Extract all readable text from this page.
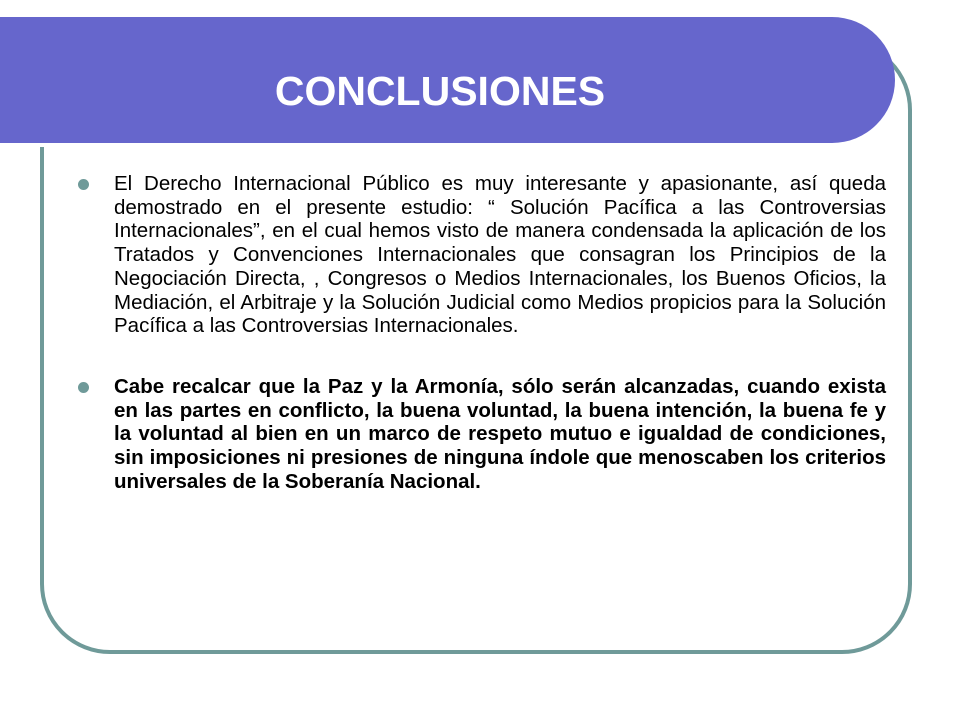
CONCLUSIONES
El Derecho Internacional Público es muy interesante y apasionante, así queda demostrado en el presente estudio: “ Solución Pacífica a las Controversias Internacionales”, en el cual hemos visto de manera condensada la aplicación de los Tratados y Convenciones Internacionales que consagran los Principios de la Negociación Directa, , Congresos o Medios Internacionales, los Buenos Oficios, la Mediación, el Arbitraje y la Solución Judicial como Medios propicios para la Solución Pacífica a las Controversias Internacionales.
Cabe recalcar que la Paz y la Armonía, sólo serán alcanzadas, cuando exista en las partes en conflicto, la buena voluntad, la buena intención, la buena fe y la voluntad al bien en un marco de respeto mutuo e igualdad de condiciones, sin imposiciones ni presiones de ninguna índole que menoscaben los criterios universales de la Soberanía Nacional.
